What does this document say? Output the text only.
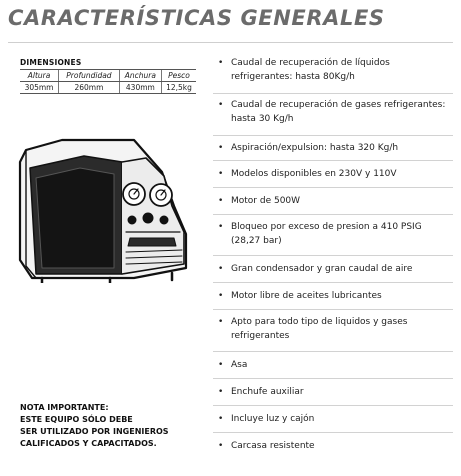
CARACTERÍSTICAS GENERALES
DIMENSIONES
Altura	Profundidad	Anchura	Pesco
305mm	260mm	430mm	12,5kg
NOTA IMPORTANTE:
ESTE EQUIPO SÓLO DEBE
SER UTILIZADO POR INGENIEROS
CALIFICADOS Y CAPACITADOS.
• Caudal de recuperación de líquidos refrigerantes: hasta 80Kg/h
• Caudal de recuperación de gases refrigerantes: hasta 30 Kg/h
• Aspiración/expulsion: hasta 320 Kg/h
• Modelos disponibles en 230V y 110V
• Motor de 500W
• Bloqueo por exceso de presion a 410 PSIG (28,27 bar)
• Gran condensador y gran caudal de aire
• Motor libre de aceites lubricantes
• Apto para todo tipo de liquidos y gases refrigerantes
• Asa
• Enchufe auxiliar
• Incluye luz y cajón
• Carcasa resistente
